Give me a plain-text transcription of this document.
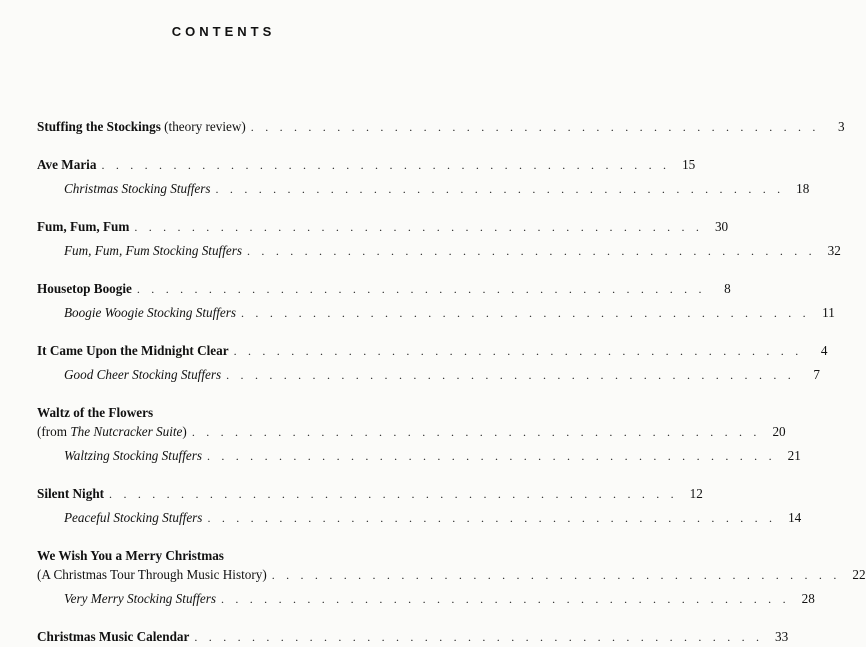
CONTENTS
Stuffing the Stockings (theory review) . . . . . . . . . . . . . . . . . . . . . . . . . . . . . . . . . . . . . . . .	3
Ave Maria . . . . . . . . . . . . . . . . . . . . . . . . . . . . . . . . . . . . . . . . 15
Christmas Stocking Stuffers . . . . . . . . . . . . . . . . . . . . . . . . . . . . . . . . . . . . . . . . 18
Fum, Fum, Fum . . . . . . . . . . . . . . . . . . . . . . . . . . . . . . . . . . . . . . . . 30
Fum, Fum, Fum Stocking Stuffers . . . . . . . . . . . . . . . . . . . . . . . . . . . . . . . . . . . . . . . . 32
Housetop Boogie . . . . . . . . . . . . . . . . . . . . . . . . . . . . . . . . . . . . . . . .	8
Boogie Woogie Stocking Stuffers . . . . . . . . . . . . . . . . . . . . . . . . . . . . . . . . . . . . . . . . 11
It Came Upon the Midnight Clear . . . . . . . . . . . . . . . . . . . . . . . . . . . . . . . . . . . . . . . .	4
Good Cheer Stocking Stuffers . . . . . . . . . . . . . . . . . . . . . . . . . . . . . . . . . . . . . . . .	7
Waltz of the Flowers
(from The Nutcracker Suite) . . . . . . . . . . . . . . . . . . . . . . . . . . . . . . . . . . . . . . . . 20
Waltzing Stocking Stuffers . . . . . . . . . . . . . . . . . . . . . . . . . . . . . . . . . . . . . . . . 21
Silent Night . . . . . . . . . . . . . . . . . . . . . . . . . . . . . . . . . . . . . . . . 12
Peaceful Stocking Stuffers . . . . . . . . . . . . . . . . . . . . . . . . . . . . . . . . . . . . . . . . 14
We Wish You a Merry Christmas
(A Christmas Tour Through Music History) . . . . . . . . . . . . . . . . . . . . . . . . . . . . . . . . . . . . . . . . 22
Very Merry Stocking Stuffers . . . . . . . . . . . . . . . . . . . . . . . . . . . . . . . . . . . . . . . . 28
Christmas Music Calendar . . . . . . . . . . . . . . . . . . . . . . . . . . . . . . . . . . . . . . . . 33
